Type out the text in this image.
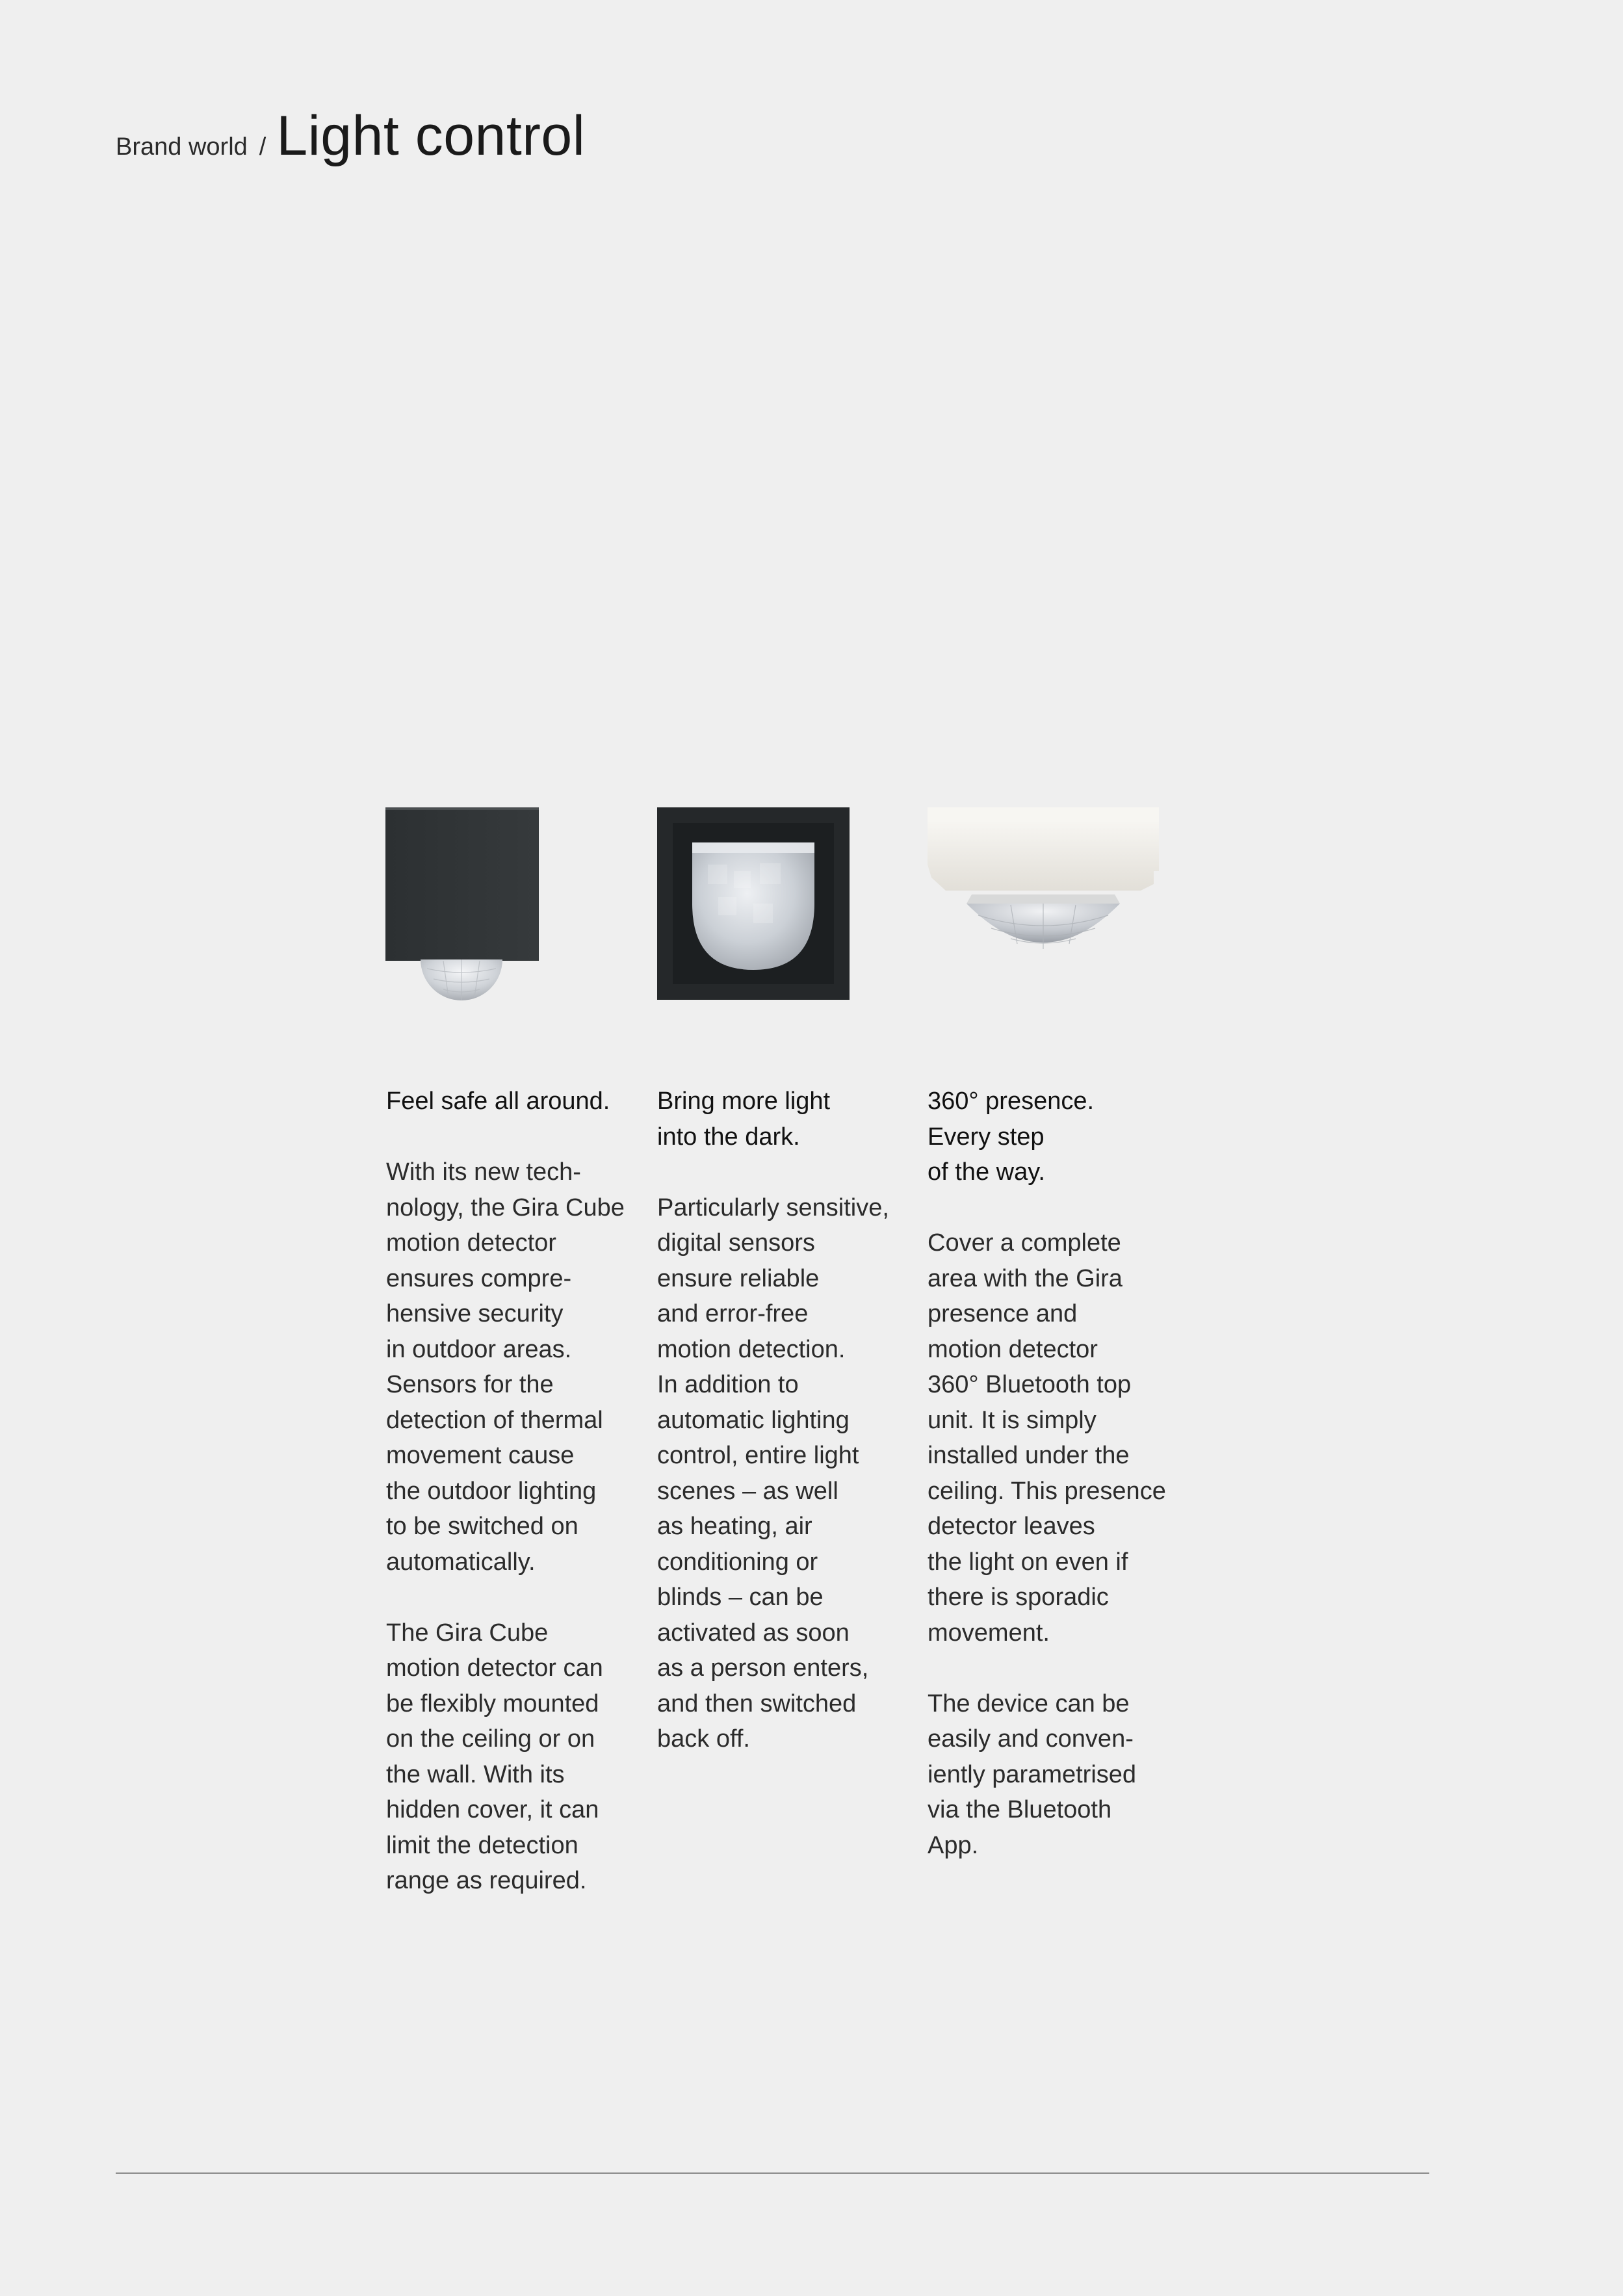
Brand world / Light control

Feel safe all around.

With its new tech-
nology, the Gira Cube
motion detector
ensures compre-
hensive security
in outdoor areas.
Sensors for the
detection of thermal
movement cause
the outdoor lighting
to be switched on
automatically.

The Gira Cube
motion detector can
be flexibly mounted
on the ceiling or on
the wall. With its
hidden cover, it can
limit the detection
range as required.

Bring more light
into the dark.

Particularly sensitive,
digital sensors
ensure reliable
and error-free
motion detection.
In addition to
automatic lighting
control, entire light
scenes – as well
as heating, air
conditioning or
blinds – can be
activated as soon
as a person enters,
and then switched
back off.

360° presence.
Every step
of the way.

Cover a complete
area with the Gira
presence and
motion detector
360° Bluetooth top
unit. It is simply
installed under the
ceiling. This presence
detector leaves
the light on even if
there is sporadic
movement.

The device can be
easily and conven-
iently parametrised
via the Bluetooth
App.
